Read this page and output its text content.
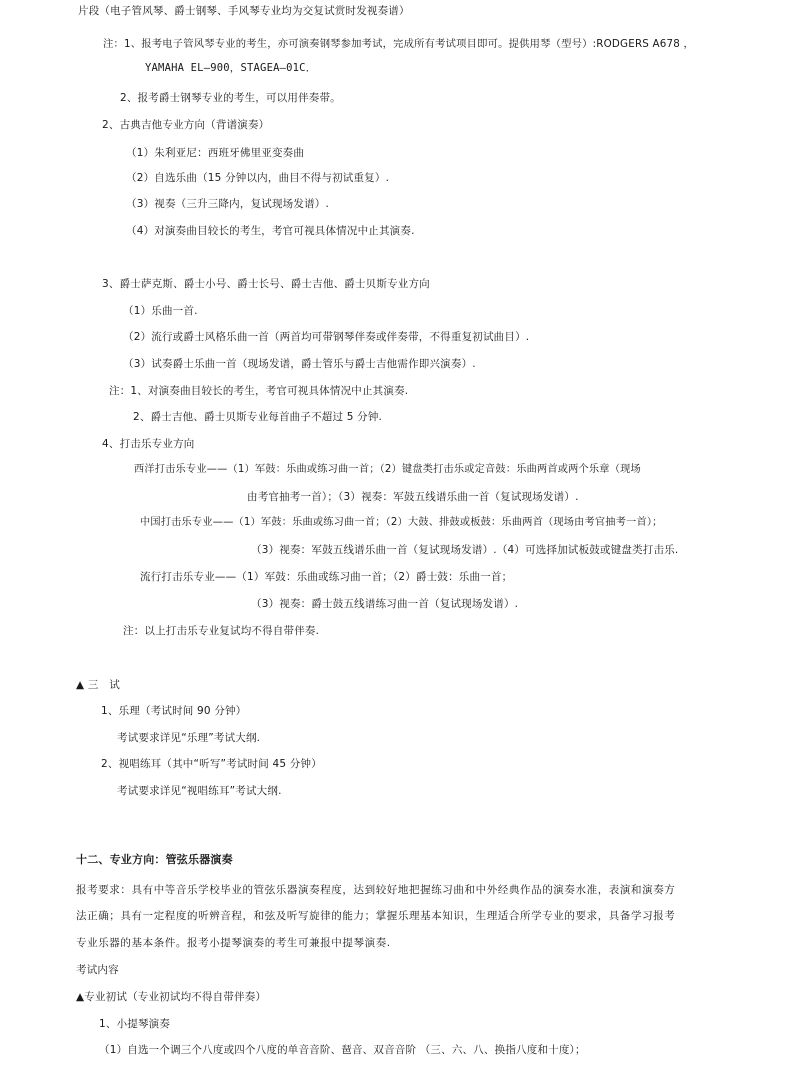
片段（电子管风琴、爵士钢琴、手风琴专业均为交复试赏时发视奏谱）
注：1、报考电子管风琴专业的考生，亦可演奏钢琴参加考试，完成所有考试项目即可。提供用琴（型号）:RODGERS A678 ，
YAMAHA EL—900，STAGEA—01C．
2、报考爵士钢琴专业的考生，可以用伴奏带。
2、古典吉他专业方向（背谱演奏）
（1）朱利亚尼：西班牙佛里亚变奏曲
（2）自选乐曲（15 分钟以内，曲目不得与初试重复）.
（3）视奏（三升三降内，复试现场发谱）.
（4）对演奏曲目较长的考生，考官可视具体情况中止其演奏.
3、爵士萨克斯、爵士小号、爵士长号、爵士吉他、爵士贝斯专业方向
（1）乐曲一首.
（2）流行或爵士风格乐曲一首（两首均可带钢琴伴奏或伴奏带，不得重复初试曲目）.
（3）试奏爵士乐曲一首（现场发谱，爵士管乐与爵士吉他需作即兴演奏）.
注：1、对演奏曲目较长的考生，考官可视具体情况中止其演奏.
2、爵士吉他、爵士贝斯专业每首曲子不超过 5 分钟.
4、打击乐专业方向
西洋打击乐专业——（1）军鼓：乐曲或练习曲一首；（2）键盘类打击乐或定音鼓：乐曲两首或两个乐章（现场
由考官抽考一首）；（3）视奏：军鼓五线谱乐曲一首（复试现场发谱）.
中国打击乐专业——（1）军鼓：乐曲或练习曲一首；（2）大鼓、排鼓或板鼓：乐曲两首（现场由考官抽考一首）；
（3）视奏：军鼓五线谱乐曲一首（复试现场发谱）.（4）可选择加试板鼓或键盘类打击乐.
流行打击乐专业——（1）军鼓：乐曲或练习曲一首；（2）爵士鼓：乐曲一首；
（3）视奏：爵士鼓五线谱练习曲一首（复试现场发谱）.
注：以上打击乐专业复试均不得自带伴奏.
▲ 三　试
1、乐理（考试时间 90 分钟）
考试要求详见“乐理”考试大纲.
2、视唱练耳（其中“听写”考试时间 45 分钟）
考试要求详见“视唱练耳”考试大纲.
十二、专业方向：管弦乐器演奏
报考要求：具有中等音乐学校毕业的管弦乐器演奏程度，达到较好地把握练习曲和中外经典作品的演奏水准，表演和演奏方
法正确；具有一定程度的听辨音程，和弦及听写旋律的能力；掌握乐理基本知识，生理适合所学专业的要求，具备学习报考
专业乐器的基本条件。报考小提琴演奏的考生可兼报中提琴演奏.
考试内容
▲专业初试（专业初试均不得自带伴奏）
1、小提琴演奏
（1）自选一个调三个八度或四个八度的单音音阶、琶音、双音音阶 （三、六、八、换指八度和十度）；
